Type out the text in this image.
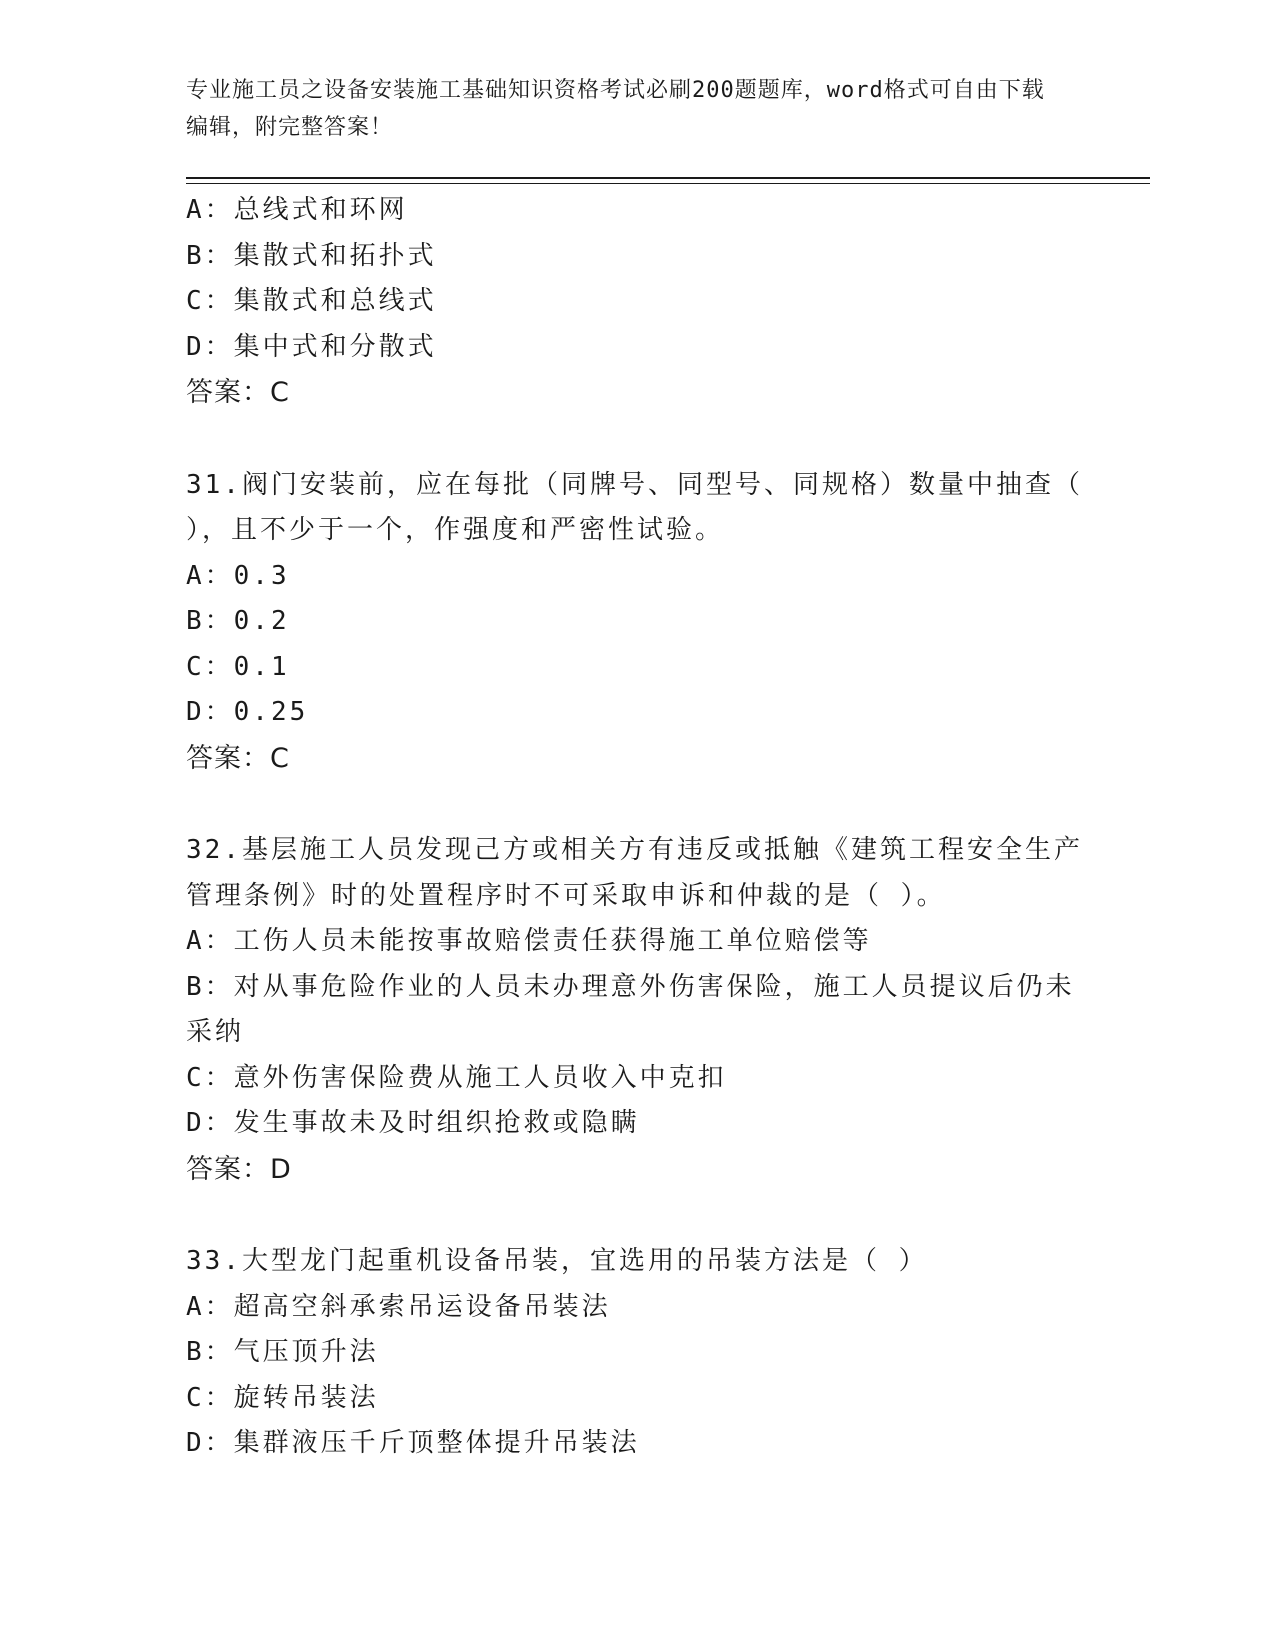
专业施工员之设备安装施工基础知识资格考试必刷200题题库，word格式可自由下载编辑，附完整答案！
A：总线式和环网
B：集散式和拓扑式
C：集散式和总线式
D：集中式和分散式
答案：C
31.阀门安装前，应在每批（同牌号、同型号、同规格）数量中抽查（
），且不少于一个，作强度和严密性试验。
A：0.3
B：0.2
C：0.1
D：0.25
答案：C
32.基层施工人员发现己方或相关方有违反或抵触《建筑工程安全生产
管理条例》时的处置程序时不可采取申诉和仲裁的是（ ）。
A：工伤人员未能按事故赔偿责任获得施工单位赔偿等
B：对从事危险作业的人员未办理意外伤害保险，施工人员提议后仍未
采纳
C：意外伤害保险费从施工人员收入中克扣
D：发生事故未及时组织抢救或隐瞒
答案：D
33.大型龙门起重机设备吊装，宜选用的吊装方法是（ ）
A：超高空斜承索吊运设备吊装法
B：气压顶升法
C：旋转吊装法
D：集群液压千斤顶整体提升吊装法
